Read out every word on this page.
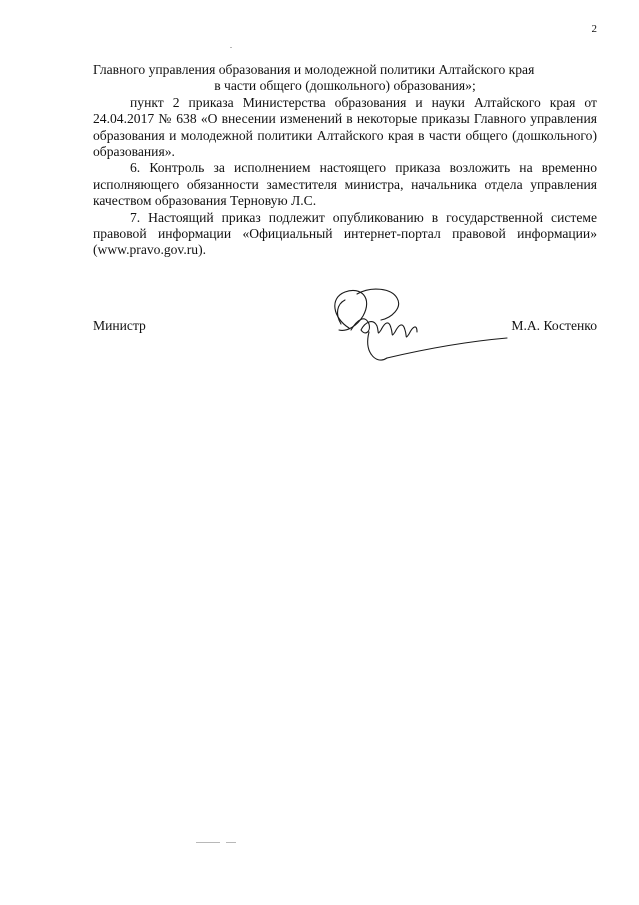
2

Главного управления образования и молодежной политики Алтайского края

в части общего (дошкольного) образования»;

пункт 2 приказа Министерства образования и науки Алтайского края от 24.04.2017 № 638 «О внесении изменений в некоторые приказы Главного управления образования и молодежной политики Алтайского края в части общего (дошкольного) образования».

6. Контроль за исполнением настоящего приказа возложить на временно исполняющего обязанности заместителя министра, начальника отдела управления качеством образования Терновую Л.С.

7. Настоящий приказ подлежит опубликованию в государственной системе правовой информации «Официальный интернет-портал правовой информации» (www.pravo.gov.ru).

Министр	М.А. Костенко
